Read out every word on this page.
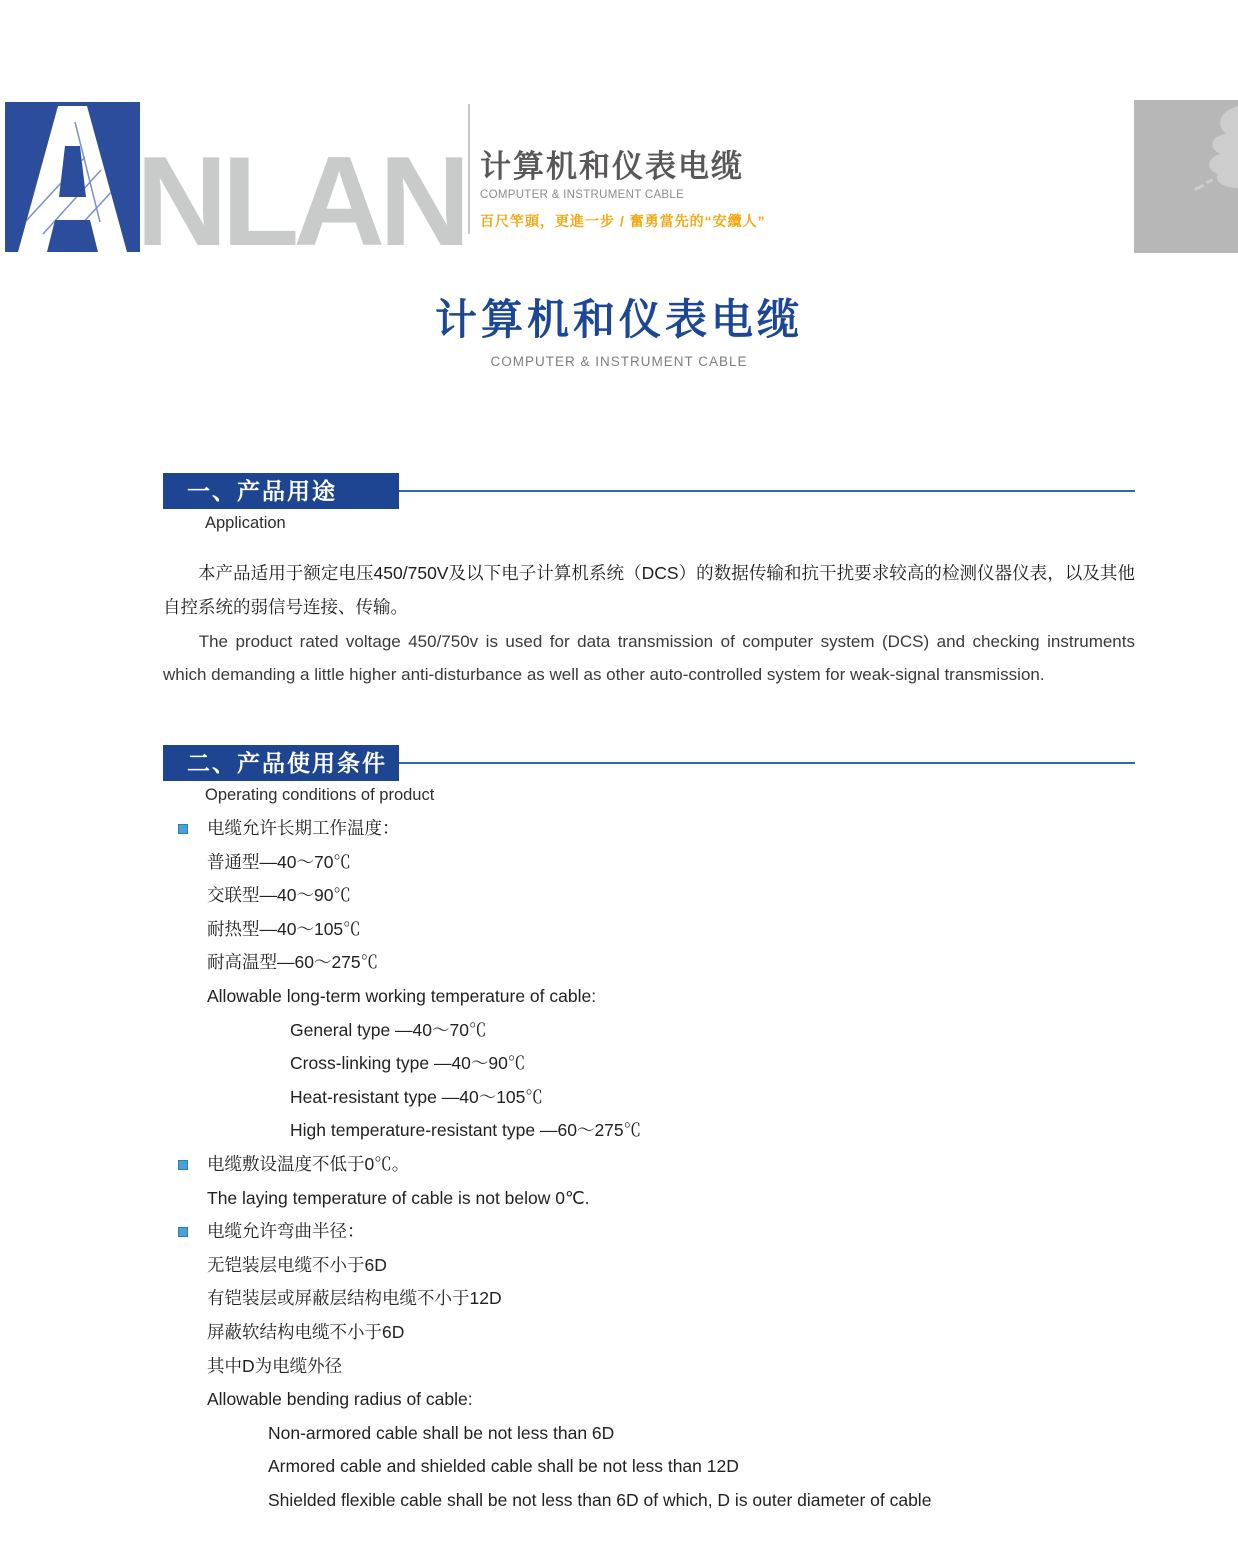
NLAN 计算机和仪表电缆
COMPUTER & INSTRUMENT CABLE
百尺竿頭，更進一步 / 奮勇當先的“安纜人”
计算机和仪表电缆
COMPUTER & INSTRUMENT CABLE
一、产品用途
Application

本产品适用于额定电压450/750V及以下电子计算机系统（DCS）的数据传输和抗干扰要求较高的检测仪器仪表，以及其他自控系统的弱信号连接、传输。

The product rated voltage 450/750v is used for data transmission of computer system (DCS) and checking instruments which demanding a little higher anti-disturbance as well as other auto-controlled system for weak-signal transmission.

二、产品使用条件
Operating conditions of product
电缆允许长期工作温度：
普通型—40～70℃
交联型—40～90℃
耐热型—40～105℃
耐高温型—60～275℃
Allowable long-term working temperature of cable:
General type —40～70℃
Cross-linking type —40～90℃
Heat-resistant type —40～105℃
High temperature-resistant type —60～275℃
电缆敷设温度不低于0℃。
The laying temperature of cable is not below 0℃.
电缆允许弯曲半径：
无铠装层电缆不小于6D
有铠装层或屏蔽层结构电缆不小于12D
屏蔽软结构电缆不小于6D
其中D为电缆外径
Allowable bending radius of cable:
Non-armored cable shall be not less than 6D
Armored cable and shielded cable shall be not less than 12D
Shielded flexible cable shall be not less than 6D of which, D is outer diameter of cable
